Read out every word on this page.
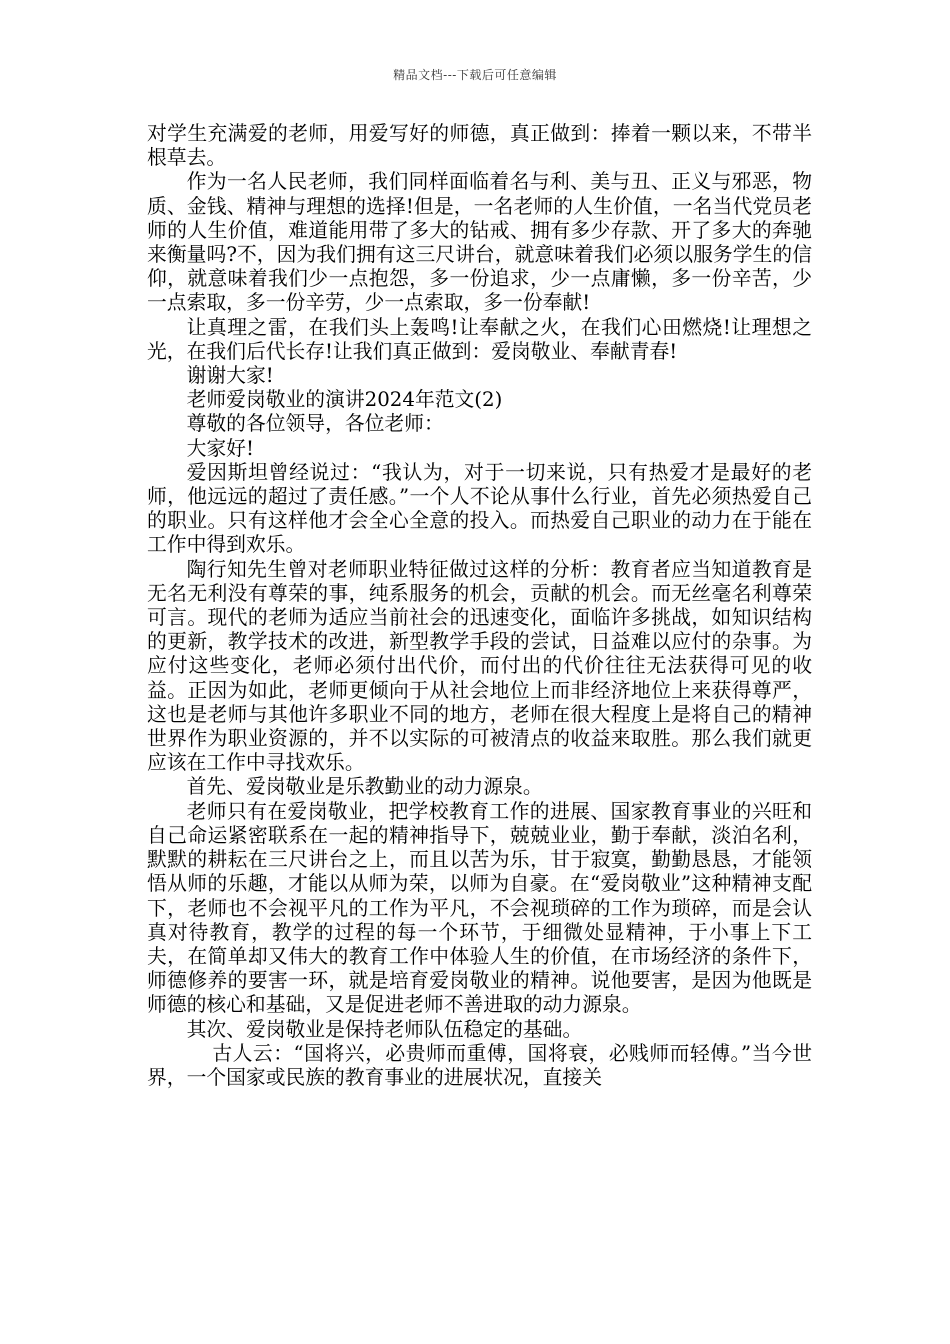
精品文档---下载后可任意编辑

对学生充满爱的老师，用爱写好的师德，真正做到：捧着一颗以来，不带半根草去。

作为一名人民老师，我们同样面临着名与利、美与丑、正义与邪恶，物质、金钱、精神与理想的选择!但是，一名老师的人生价值，一名当代党员老师的人生价值，难道能用带了多大的钻戒、拥有多少存款、开了多大的奔驰来衡量吗?不，因为我们拥有这三尺讲台，就意味着我们必须以服务学生的信仰，就意味着我们少一点抱怨，多一份追求，少一点庸懒，多一份辛苦，少一点索取，多一份辛劳，少一点索取，多一份奉献!

让真理之雷，在我们头上轰鸣!让奉献之火，在我们心田燃烧!让理想之光，在我们后代长存!让我们真正做到：爱岗敬业、奉献青春!

谢谢大家!

老师爱岗敬业的演讲2024年范文(2)

尊敬的各位领导，各位老师：

大家好!

爱因斯坦曾经说过：“我认为，对于一切来说，只有热爱才是最好的老师，他远远的超过了责任感。”一个人不论从事什么行业，首先必须热爱自己的职业。只有这样他才会全心全意的投入。而热爱自己职业的动力在于能在工作中得到欢乐。

陶行知先生曾对老师职业特征做过这样的分析：教育者应当知道教育是无名无利没有尊荣的事，纯系服务的机会，贡献的机会。而无丝毫名利尊荣可言。现代的老师为适应当前社会的迅速变化，面临许多挑战，如知识结构的更新，教学技术的改进，新型教学手段的尝试，日益难以应付的杂事。为应付这些变化，老师必须付出代价，而付出的代价往往无法获得可见的收益。正因为如此，老师更倾向于从社会地位上而非经济地位上来获得尊严，这也是老师与其他许多职业不同的地方，老师在很大程度上是将自己的精神世界作为职业资源的，并不以实际的可被清点的收益来取胜。那么我们就更应该在工作中寻找欢乐。

首先、爱岗敬业是乐教勤业的动力源泉。

老师只有在爱岗敬业，把学校教育工作的进展、国家教育事业的兴旺和自己命运紧密联系在一起的精神指导下，兢兢业业，勤于奉献，淡泊名利，默默的耕耘在三尺讲台之上，而且以苦为乐，甘于寂寞，勤勤恳恳，才能领悟从师的乐趣，才能以从师为荣，以师为自豪。在“爱岗敬业”这种精神支配下，老师也不会视平凡的工作为平凡，不会视琐碎的工作为琐碎，而是会认真对待教育，教学的过程的每一个环节，于细微处显精神，于小事上下工夫，在简单却又伟大的教育工作中体验人生的价值，在市场经济的条件下，师德修养的要害一环，就是培育爱岗敬业的精神。说他要害，是因为他既是师德的核心和基础，又是促进老师不善进取的动力源泉。

其次、爱岗敬业是保持老师队伍稳定的基础。

古人云：“国将兴，必贵师而重傅，国将衰，必贱师而轻傅。”当今世界，一个国家或民族的教育事业的进展状况，直接关
